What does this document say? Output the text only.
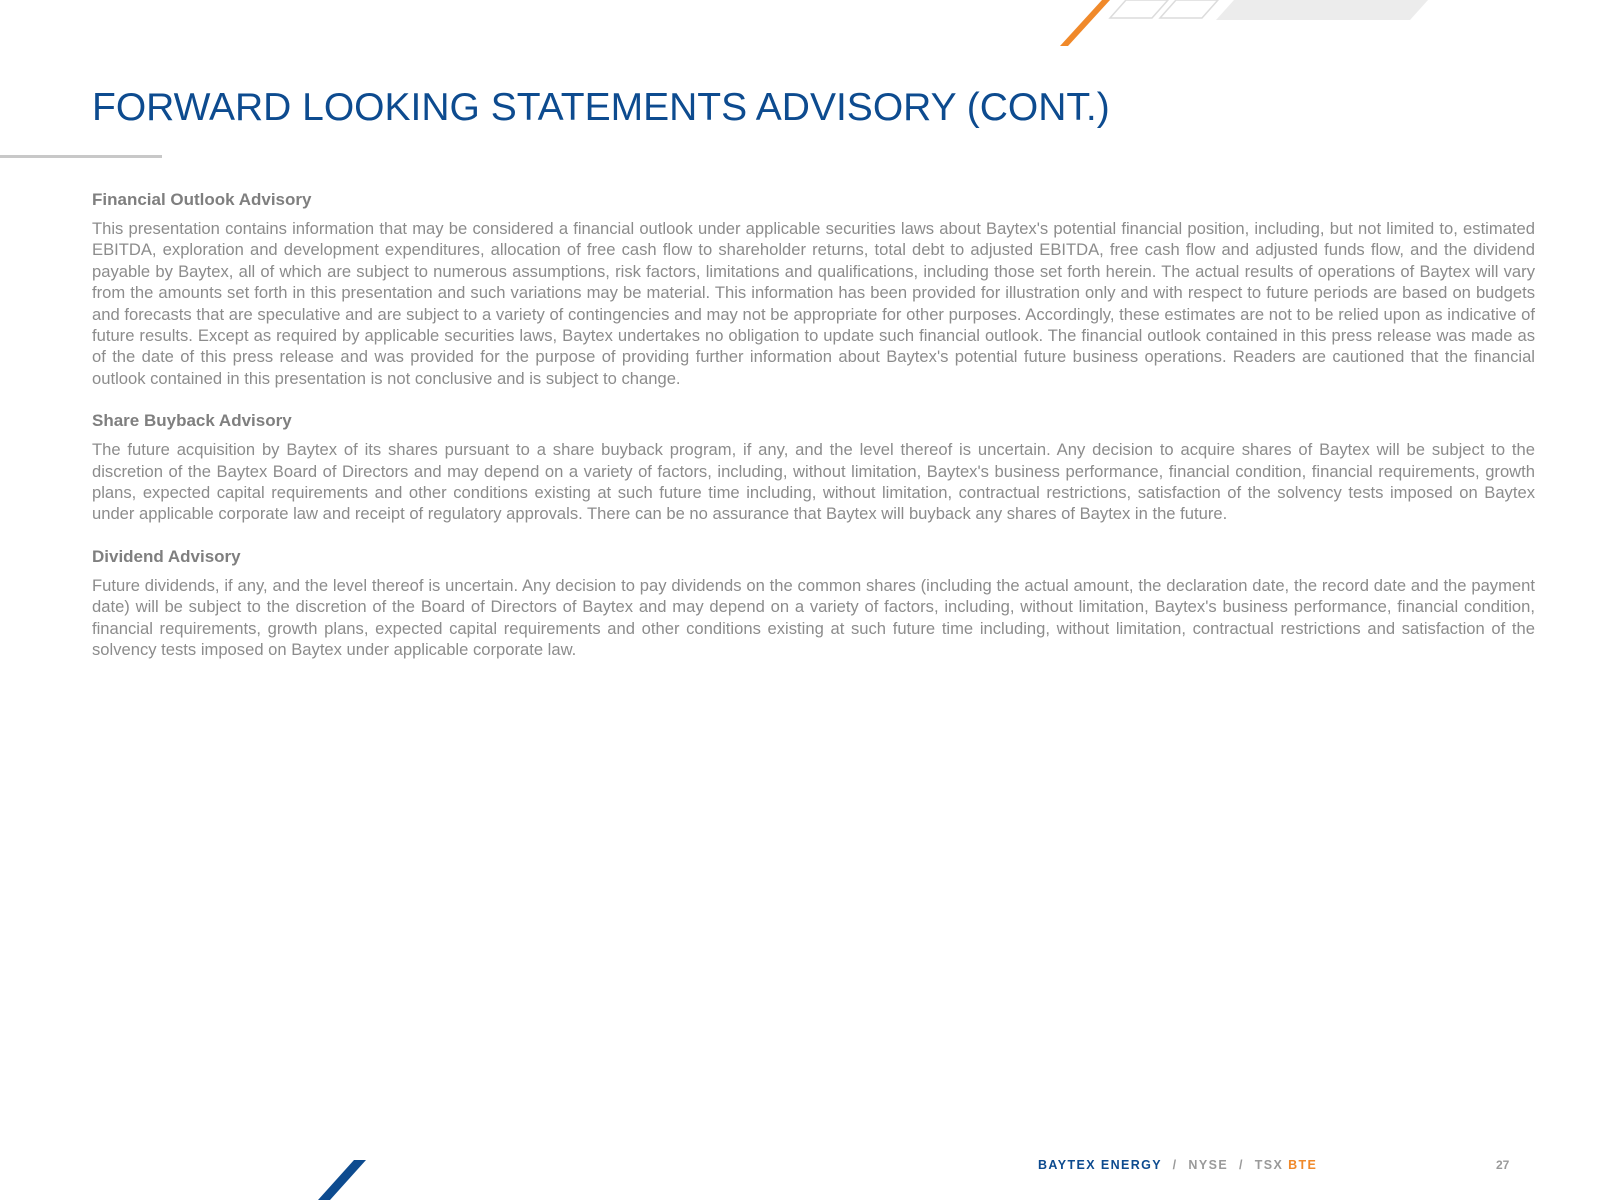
FORWARD LOOKING STATEMENTS ADVISORY (CONT.)

Financial Outlook Advisory

This presentation contains information that may be considered a financial outlook under applicable securities laws about Baytex's potential financial position, including, but not limited to, estimated EBITDA, exploration and development expenditures, allocation of free cash flow to shareholder returns, total debt to adjusted EBITDA, free cash flow and adjusted funds flow, and the dividend payable by Baytex, all of which are subject to numerous assumptions, risk factors, limitations and qualifications, including those set forth herein. The actual results of operations of Baytex will vary from the amounts set forth in this presentation and such variations may be material. This information has been provided for illustration only and with respect to future periods are based on budgets and forecasts that are speculative and are subject to a variety of contingencies and may not be appropriate for other purposes. Accordingly, these estimates are not to be relied upon as indicative of future results. Except as required by applicable securities laws, Baytex undertakes no obligation to update such financial outlook. The financial outlook contained in this press release was made as of the date of this press release and was provided for the purpose of providing further information about Baytex's potential future business operations. Readers are cautioned that the financial outlook contained in this presentation is not conclusive and is subject to change.

Share Buyback Advisory

The future acquisition by Baytex of its shares pursuant to a share buyback program, if any, and the level thereof is uncertain. Any decision to acquire shares of Baytex will be subject to the discretion of the Baytex Board of Directors and may depend on a variety of factors, including, without limitation, Baytex's business performance, financial condition, financial requirements, growth plans, expected capital requirements and other conditions existing at such future time including, without limitation, contractual restrictions, satisfaction of the solvency tests imposed on Baytex under applicable corporate law and receipt of regulatory approvals. There can be no assurance that Baytex will buyback any shares of Baytex in the future.

Dividend Advisory

Future dividends, if any, and the level thereof is uncertain. Any decision to pay dividends on the common shares (including the actual amount, the declaration date, the record date and the payment date) will be subject to the discretion of the Board of Directors of Baytex and may depend on a variety of factors, including, without limitation, Baytex's business performance, financial condition, financial requirements, growth plans, expected capital requirements and other conditions existing at such future time including, without limitation, contractual restrictions and satisfaction of the solvency tests imposed on Baytex under applicable corporate law.

BAYTEX ENERGY / NYSE / TSX BTE	27
